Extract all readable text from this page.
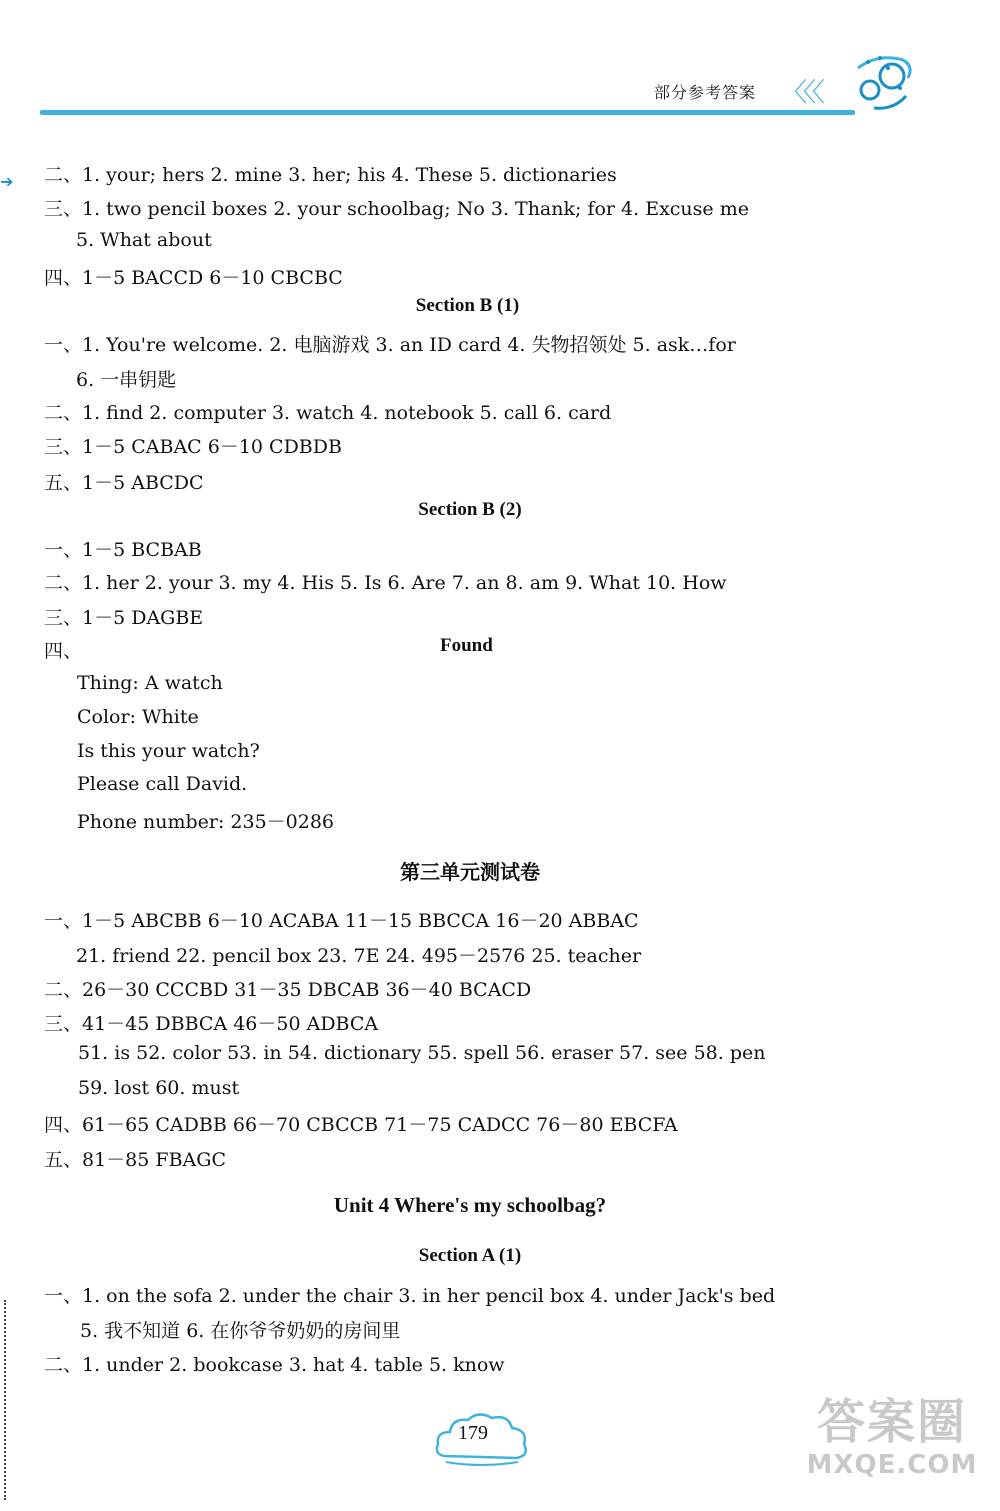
部分参考答案 〈〈〈
➔ 二、1. your; hers 2. mine 3. her; his 4. These 5. dictionaries
三、1. two pencil boxes 2. your schoolbag; No 3. Thank; for 4. Excuse me
5. What about
四、1－5 BACCD 6－10 CBCBC
Section B (1)
一、1. You're welcome. 2. 电脑游戏 3. an ID card 4. 失物招领处 5. ask…for
6. 一串钥匙
二、1. find 2. computer 3. watch 4. notebook 5. call 6. card
三、1－5 CABAC 6－10 CDBDB
五、1－5 ABCDC
Section B (2)
一、1－5 BCBAB
二、1. her 2. your 3. my 4. His 5. Is 6. Are 7. an 8. am 9. What 10. How
三、1－5 DAGBE
四、	Found
Thing: A watch
Color: White
Is this your watch?
Please call David.
Phone number: 235－0286
第三单元测试卷
一、1－5 ABCBB 6－10 ACABA 11－15 BBCCA 16－20 ABBAC
21. friend 22. pencil box 23. 7E 24. 495－2576 25. teacher
二、26－30 CCCBD 31－35 DBCAB 36－40 BCACD
三、41－45 DBBCA 46－50 ADBCA
51. is 52. color 53. in 54. dictionary 55. spell 56. eraser 57. see 58. pen
59. lost 60. must
四、61－65 CADBB 66－70 CBCCB 71－75 CADCC 76－80 EBCFA
五、81－85 FBAGC
Unit 4 Where's my schoolbag?
Section A (1)
一、1. on the sofa 2. under the chair 3. in her pencil box 4. under Jack's bed
5. 我不知道 6. 在你爷爷奶奶的房间里
二、1. under 2. bookcase 3. hat 4. table 5. know
179	答案圈
MXQE.COM
